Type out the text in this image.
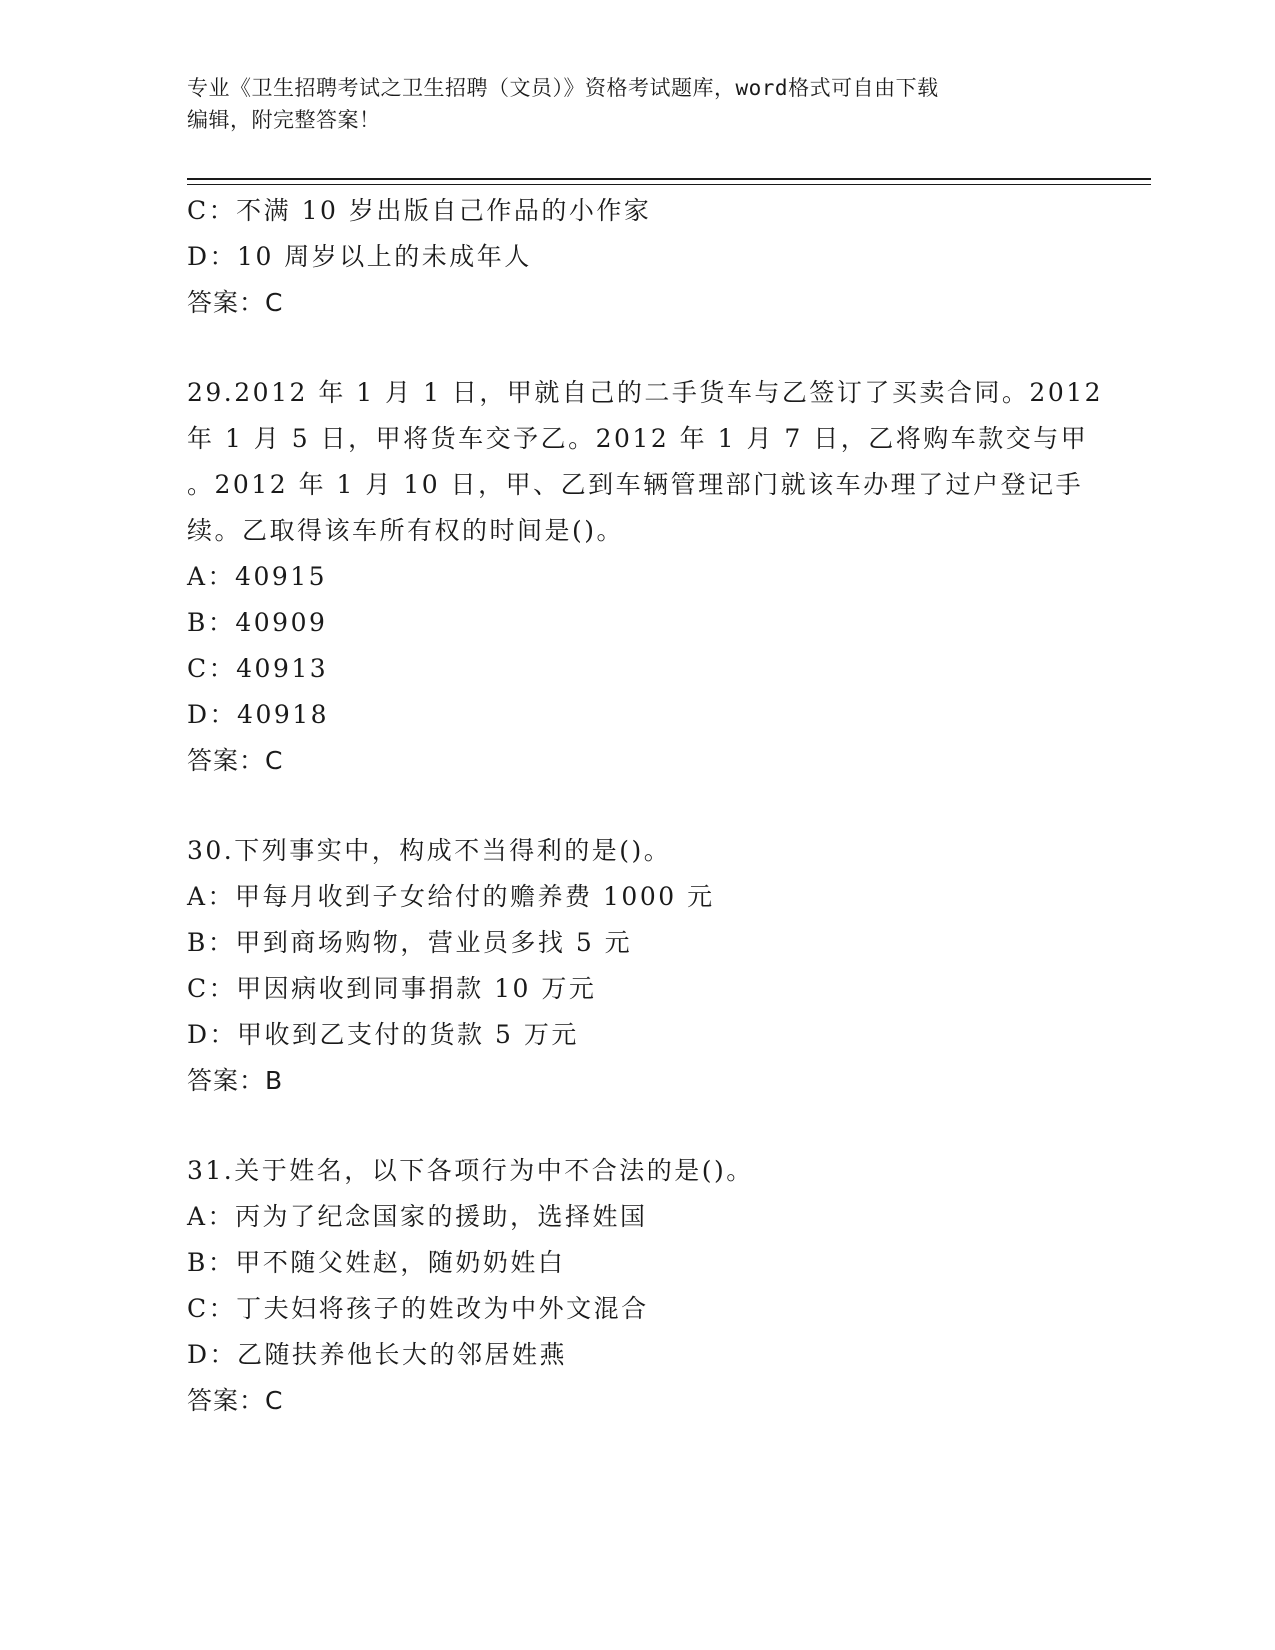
专业《卫生招聘考试之卫生招聘（文员）》资格考试题库，word格式可自由下载
编辑，附完整答案！
C：不满 10 岁出版自己作品的小作家
D：10 周岁以上的未成年人
答案：C
29.2012 年 1 月 1 日，甲就自己的二手货车与乙签订了买卖合同。2012
年 1 月 5 日，甲将货车交予乙。2012 年 1 月 7 日，乙将购车款交与甲
。2012 年 1 月 10 日，甲、乙到车辆管理部门就该车办理了过户登记手
续。乙取得该车所有权的时间是()。
A：40915
B：40909
C：40913
D：40918
答案：C
30.下列事实中，构成不当得利的是()。
A：甲每月收到子女给付的赡养费 1000 元
B：甲到商场购物，营业员多找 5 元
C：甲因病收到同事捐款 10 万元
D：甲收到乙支付的货款 5 万元
答案：B
31.关于姓名，以下各项行为中不合法的是()。
A：丙为了纪念国家的援助，选择姓国
B：甲不随父姓赵，随奶奶姓白
C：丁夫妇将孩子的姓改为中外文混合
D：乙随扶养他长大的邻居姓燕
答案：C
